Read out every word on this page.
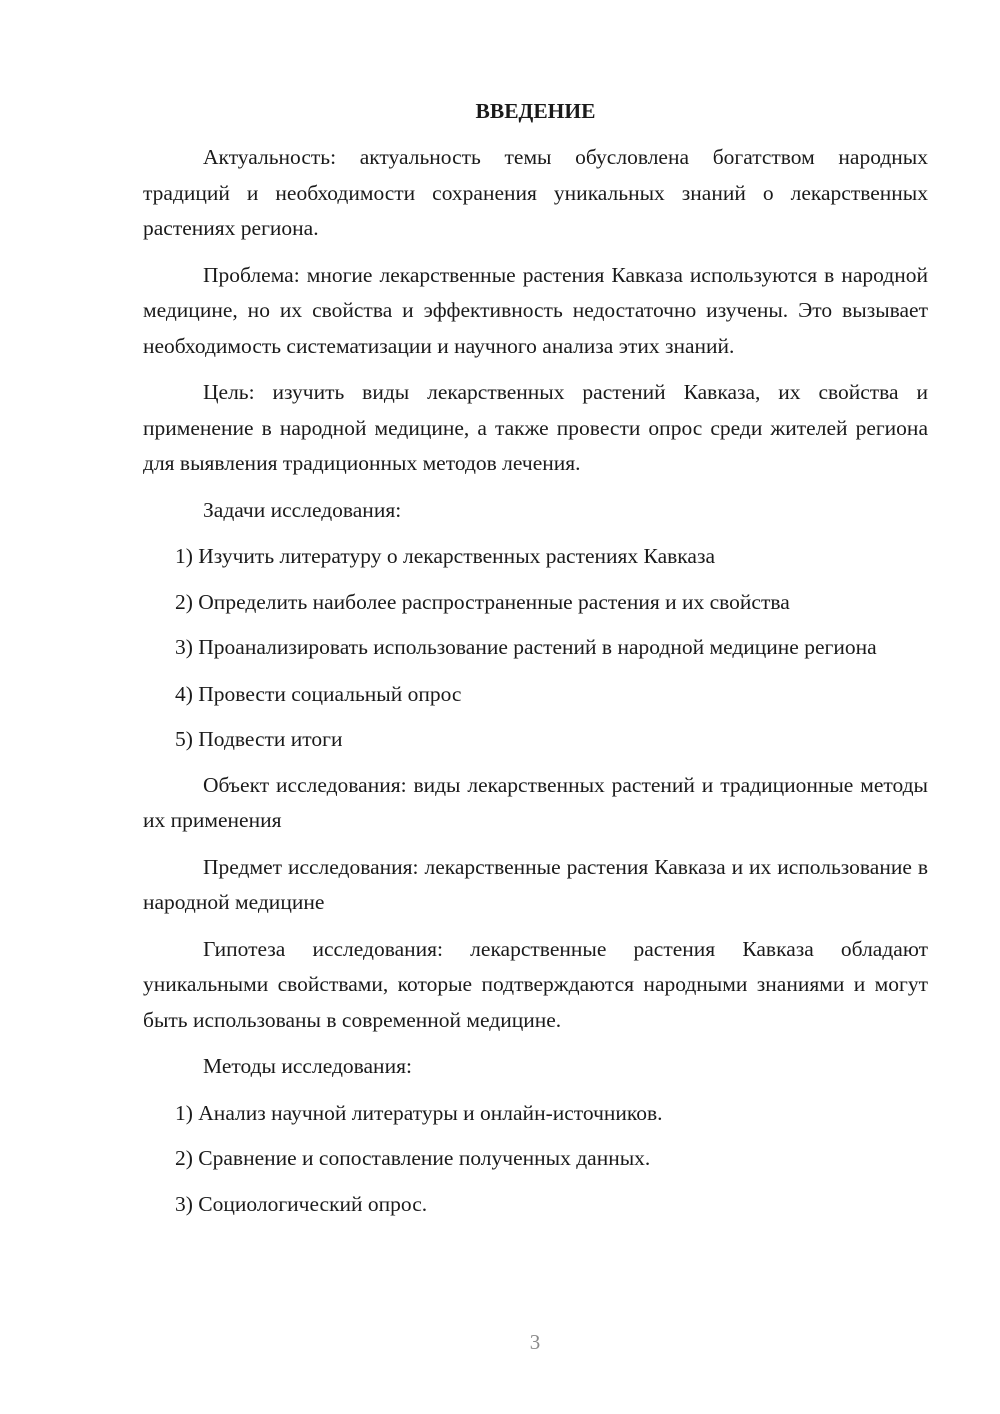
ВВЕДЕНИЕ
Актуальность: актуальность темы обусловлена богатством народных традиций и необходимости сохранения уникальных знаний о лекарственных растениях региона.
Проблема: многие лекарственные растения Кавказа используются в народной медицине, но их свойства и эффективность недостаточно изучены. Это вызывает необходимость систематизации и научного анализа этих знаний.
Цель: изучить виды лекарственных растений Кавказа, их свойства и применение в народной медицине, а также провести опрос среди жителей региона для выявления традиционных методов лечения.
Задачи исследования:
1) Изучить литературу о лекарственных растениях Кавказа
2) Определить наиболее распространенные растения и их свойства
3) Проанализировать использование растений в народной медицине региона
4) Провести социальный опрос
5) Подвести итоги
Объект исследования: виды лекарственных растений и традиционные методы их применения
Предмет исследования: лекарственные растения Кавказа и их использование в народной медицине
Гипотеза исследования: лекарственные растения Кавказа обладают уникальными свойствами, которые подтверждаются народными знаниями и могут быть использованы в современной медицине.
Методы исследования:
1) Анализ научной литературы и онлайн-источников.
2) Сравнение и сопоставление полученных данных.
3) Социологический опрос.
3
